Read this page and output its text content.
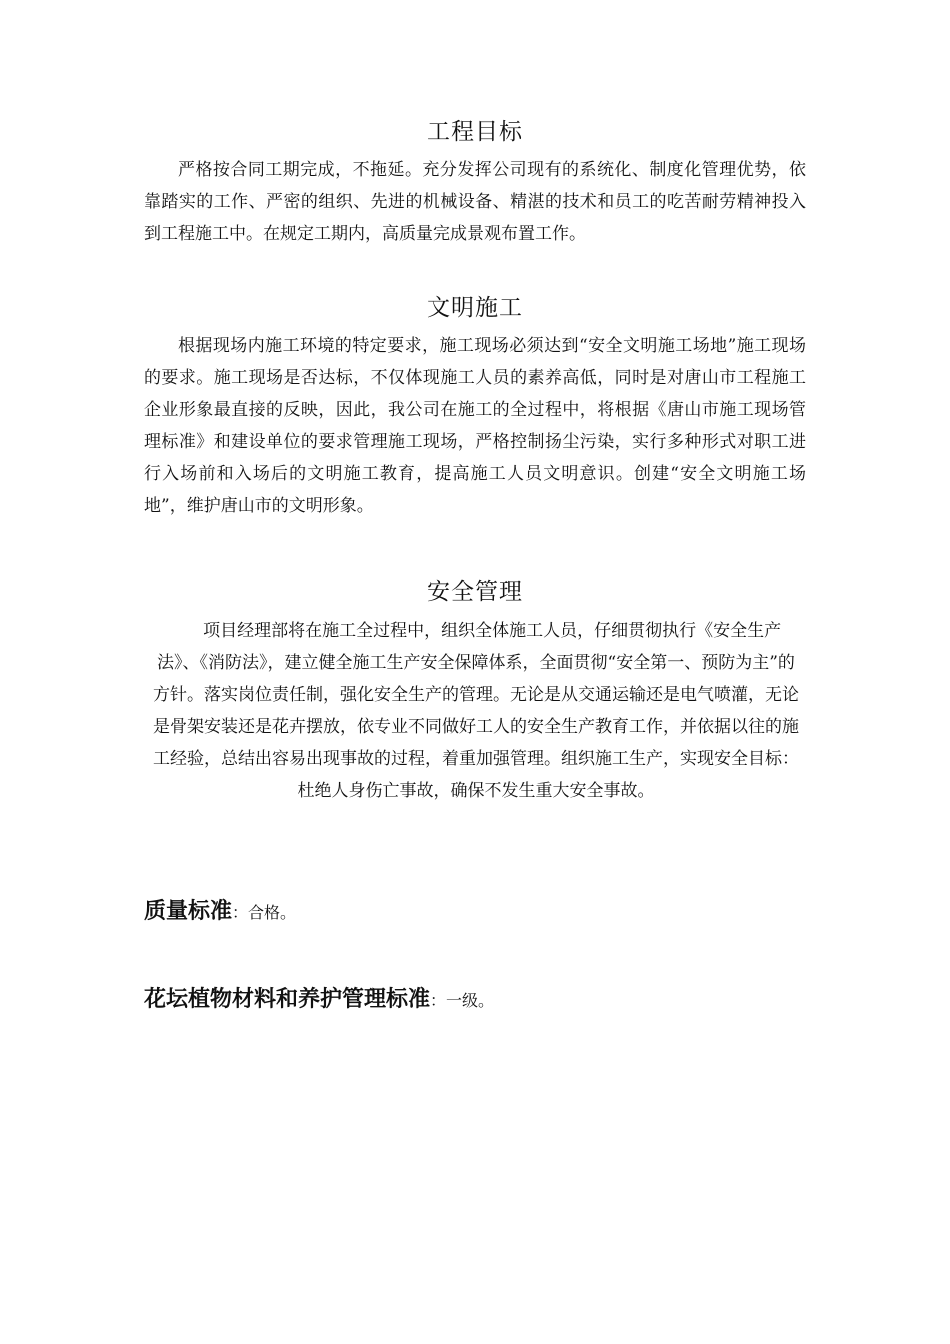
工程目标

严格按合同工期完成，不拖延。充分发挥公司现有的系统化、制度化管理优势，依靠踏实的工作、严密的组织、先进的机械设备、精湛的技术和员工的吃苦耐劳精神投入到工程施工中。在规定工期内，高质量完成景观布置工作。

文明施工

根据现场内施工环境的特定要求，施工现场必须达到“安全文明施工场地”施工现场的要求。施工现场是否达标，不仅体现施工人员的素养高低，同时是对唐山市工程施工企业形象最直接的反映，因此，我公司在施工的全过程中，将根据《唐山市施工现场管理标准》和建设单位的要求管理施工现场，严格控制扬尘污染，实行多种形式对职工进行入场前和入场后的文明施工教育，提高施工人员文明意识。创建“安全文明施工场地”，维护唐山市的文明形象。

安全管理

项目经理部将在施工全过程中，组织全体施工人员，仔细贯彻执行《安全生产法》、《消防法》，建立健全施工生产安全保障体系，全面贯彻“安全第一、预防为主”的方针。落实岗位责任制，强化安全生产的管理。无论是从交通运输还是电气喷灌，无论是骨架安装还是花卉摆放，依专业不同做好工人的安全生产教育工作，并依据以往的施工经验，总结出容易出现事故的过程，着重加强管理。组织施工生产，实现安全目标：杜绝人身伤亡事故，确保不发生重大安全事故。

质量标准：合格。
花坛植物材料和养护管理标准：一级。
